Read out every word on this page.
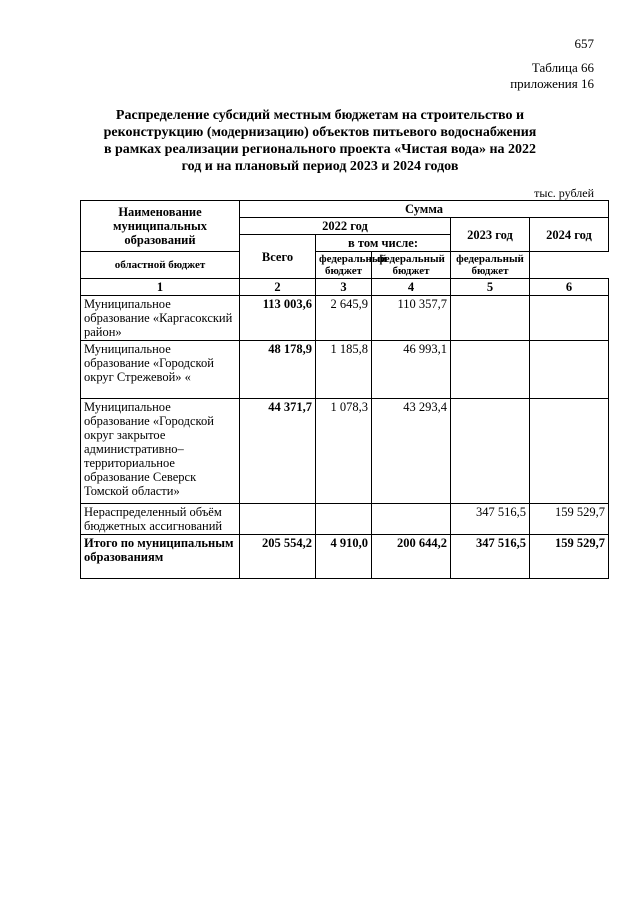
657
Таблица 66
приложения 16
Распределение субсидий местным бюджетам на строительство и реконструкцию (модернизацию) объектов питьевого водоснабжения в рамках реализации регионального проекта «Чистая вода» на 2022 год и на плановый период 2023 и 2024 годов
тыс. рублей
Наименование муниципальных образований	Сумма				
	2022 год			2023 год	2024 год
	Всего	в том числе:			
областной бюджет		федеральный бюджет	федеральный бюджет	федеральный бюджет	
1	2	3	4	5	6
Муниципальное образование «Каргасокский район»	113 003,6	2 645,9	110 357,7		
Муниципальное образование «Городской округ Стрежевой» «	48 178,9	1 185,8	46 993,1		
Муниципальное образование «Городской округ закрытое административно–территориальное образование Северск Томской области»	44 371,7	1 078,3	43 293,4		
Нераспределенный объём бюджетных ассигнований				347 516,5	159 529,7
Итого по муниципальным образованиям	205 554,2	4 910,0	200 644,2	347 516,5	159 529,7
